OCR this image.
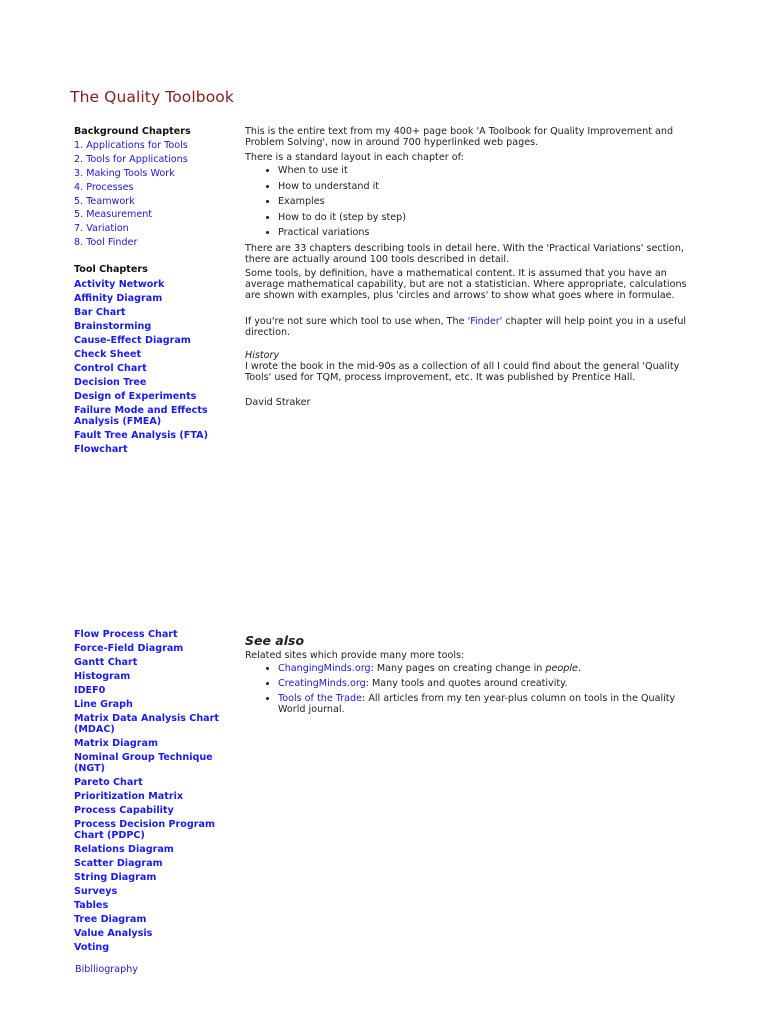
The Quality Toolbook
Background Chapters
1. Applications for Tools
2. Tools for Applications
3. Making Tools Work
4. Processes
5. Teamwork
5. Measurement
7. Variation
8. Tool Finder
Tool Chapters
Activity Network
Affinity Diagram
Bar Chart
Brainstorming
Cause-Effect Diagram
Check Sheet
Control Chart
Decision Tree
Design of Experiments
Failure Mode and Effects Analysis (FMEA)
Fault Tree Analysis (FTA)
Flowchart
Flow Process Chart
Force-Field Diagram
Gantt Chart
Histogram
IDEF0
Line Graph
Matrix Data Analysis Chart (MDAC)
Matrix Diagram
Nominal Group Technique (NGT)
Pareto Chart
Prioritization Matrix
Process Capability
Process Decision Program Chart (PDPC)
Relations Diagram
Scatter Diagram
String Diagram
Surveys
Tables
Tree Diagram
Value Analysis
Voting
Biblliography

This is the entire text from my 400+ page book 'A Toolbook for Quality Improvement and Problem Solving', now in around 700 hyperlinked web pages.

There is a standard layout in each chapter of:

• When to use it
• How to understand it
• Examples
• How to do it (step by step)
• Practical variations

There are 33 chapters describing tools in detail here. With the 'Practical Variations' section, there are actually around 100 tools described in detail.

Some tools, by definition, have a mathematical content. It is assumed that you have an average mathematical capability, but are not a statistician. Where appropriate, calculations are shown with examples, plus 'circles and arrows' to show what goes where in formulae.

If you're not sure which tool to use when, The 'Finder' chapter will help point you in a useful direction.

History

I wrote the book in the mid-90s as a collection of all I could find about the general 'Quality Tools' used for TQM, process improvement, etc. It was published by Prentice Hall.

David Straker

See also

Related sites which provide many more tools:

• ChangingMinds.org: Many pages on creating change in people.
• CreatingMinds.org: Many tools and quotes around creativity.
• Tools of the Trade: All articles from my ten year-plus column on tools in the Quality World journal.
